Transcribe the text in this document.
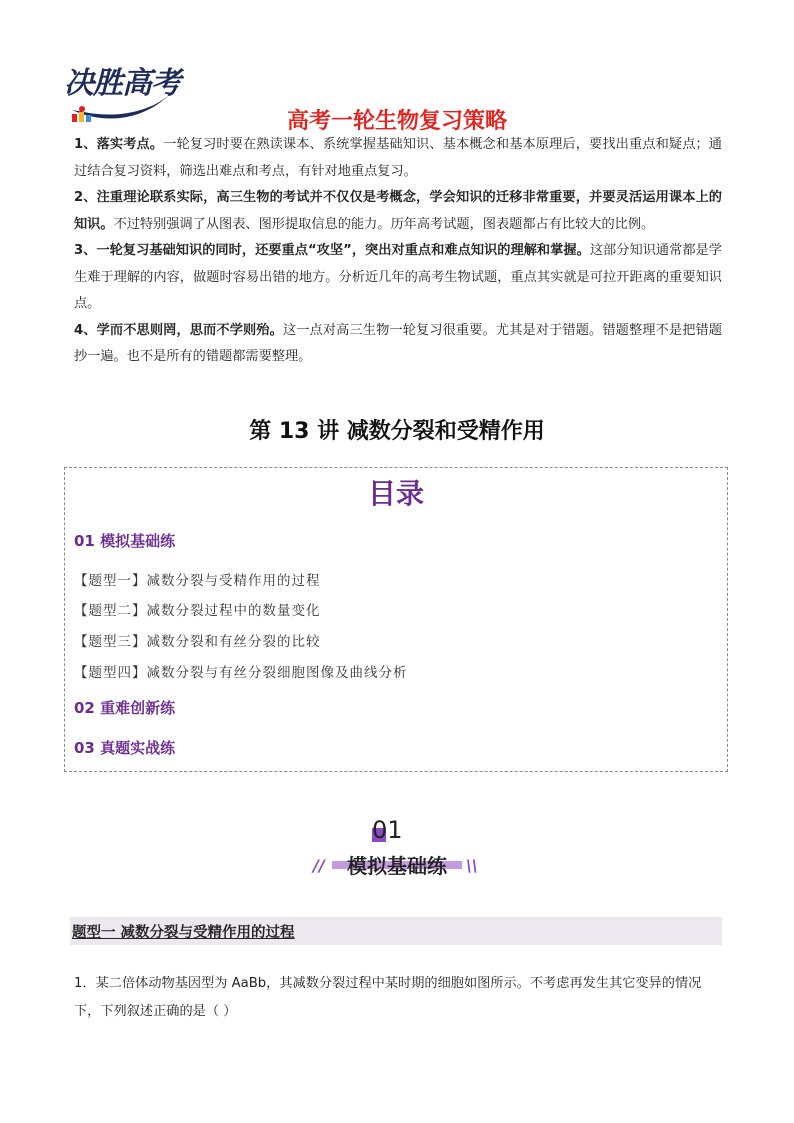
决胜高考
高考一轮生物复习策略

1、落实考点。一轮复习时要在熟读课本、系统掌握基础知识、基本概念和基本原理后，要找出重点和疑点；通过结合复习资料，筛选出难点和考点，有针对地重点复习。

2、注重理论联系实际，高三生物的考试并不仅仅是考概念，学会知识的迁移非常重要，并要灵活运用课本上的知识。不过特别强调了从图表、图形提取信息的能力。历年高考试题，图表题都占有比较大的比例。

3、一轮复习基础知识的同时，还要重点“攻坚”，突出对重点和难点知识的理解和掌握。这部分知识通常都是学生难于理解的内容，做题时容易出错的地方。分析近几年的高考生物试题，重点其实就是可拉开距离的重要知识点。

4、学而不思则罔，思而不学则殆。这一点对高三生物一轮复习很重要。尤其是对于错题。错题整理不是把错题抄一遍。也不是所有的错题都需要整理。

第 13 讲 减数分裂和受精作用
目录
01 模拟基础练
【题型一】减数分裂与受精作用的过程
【题型二】减数分裂过程中的数量变化
【题型三】减数分裂和有丝分裂的比较
【题型四】减数分裂与有丝分裂细胞图像及曲线分析
02 重难创新练
03 真题实战练
01
//	模拟基础练	\\
题型一 减数分裂与受精作用的过程

1．某二倍体动物基因型为 AaBb，其减数分裂过程中某时期的细胞如图所示。不考虑再发生其它变异的情况下，下列叙述正确的是（ ）
